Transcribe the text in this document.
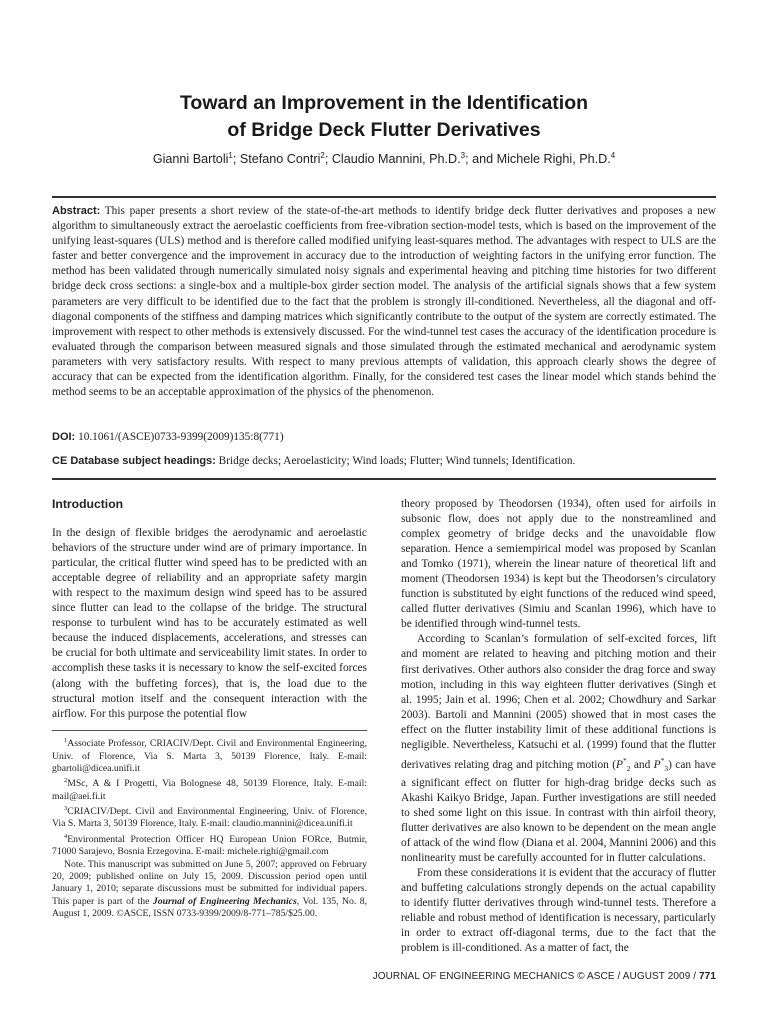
Toward an Improvement in the Identification
of Bridge Deck Flutter Derivatives
Gianni Bartoli$^1$; Stefano Contri$^2$; Claudio Mannini, Ph.D.$^3$; and Michele Righi, Ph.D.$^4$
Abstract: This paper presents a short review of the state-of-the-art methods to identify bridge deck flutter derivatives and proposes a new algorithm to simultaneously extract the aeroelastic coefficients from free-vibration section-model tests, which is based on the improvement of the unifying least-squares (ULS) method and is therefore called modified unifying least-squares method. The advantages with respect to ULS are the faster and better convergence and the improvement in accuracy due to the introduction of weighting factors in the unifying error function. The method has been validated through numerically simulated noisy signals and experimental heaving and pitching time histories for two different bridge deck cross sections: a single-box and a multiple-box girder section model. The analysis of the artificial signals shows that a few system parameters are very difficult to be identified due to the fact that the problem is strongly ill-conditioned. Nevertheless, all the diagonal and off-diagonal components of the stiffness and damping matrices which significantly contribute to the output of the system are correctly estimated. The improvement with respect to other methods is extensively discussed. For the wind-tunnel test cases the accuracy of the identification procedure is evaluated through the comparison between measured signals and those simulated through the estimated mechanical and aerodynamic system parameters with very satisfactory results. With respect to many previous attempts of validation, this approach clearly shows the degree of accuracy that can be expected from the identification algorithm. Finally, for the considered test cases the linear model which stands behind the method seems to be an acceptable approximation of the physics of the phenomenon.
DOI: 10.1061/(ASCE)0733-9399(2009)135:8(771)
CE Database subject headings: Bridge decks; Aeroelasticity; Wind loads; Flutter; Wind tunnels; Identification.
Introduction

In the design of flexible bridges the aerodynamic and aeroelastic behaviors of the structure under wind are of primary importance. In particular, the critical flutter wind speed has to be predicted with an acceptable degree of reliability and an appropriate safety margin with respect to the maximum design wind speed has to be assured since flutter can lead to the collapse of the bridge. The structural response to turbulent wind has to be accurately estimated as well because the induced displacements, accelerations, and stresses can be crucial for both ultimate and serviceability limit states. In order to accomplish these tasks it is necessary to know the self-excited forces (along with the buffeting forces), that is, the load due to the structural motion itself and the consequent interaction with the airflow. For this purpose the potential flow

$^1$Associate Professor, CRIACIV/Dept. Civil and Environmental Engineering, Univ. of Florence, Via S. Marta 3, 50139 Florence, Italy. E-mail: gbartoli@dicea.unifi.it

$^2$MSc, A & I Progetti, Via Bolognese 48, 50139 Florence, Italy. E-mail: mail@aei.fi.it

$^3$CRIACIV/Dept. Civil and Environmental Engineering, Univ. of Florence, Via S. Marta 3, 50139 Florence, Italy. E-mail: claudio.mannini@dicea.unifi.it

$^4$Environmental Protection Officer HQ European Union FORce, Butmir, 71000 Sarajevo, Bosnia Erzegovina. E-mail: michele.righi@gmail.com

Note. This manuscript was submitted on June 5, 2007; approved on February 20, 2009; published online on July 15, 2009. Discussion period open until January 1, 2010; separate discussions must be submitted for individual papers. This paper is part of the Journal of Engineering Mechanics, Vol. 135, No. 8, August 1, 2009. ©ASCE, ISSN 0733-9399/2009/8-771–785/$25.00.

theory proposed by Theodorsen (1934), often used for airfoils in subsonic flow, does not apply due to the nonstreamlined and complex geometry of bridge decks and the unavoidable flow separation. Hence a semiempirical model was proposed by Scanlan and Tomko (1971), wherein the linear nature of theoretical lift and moment (Theodorsen 1934) is kept but the Theodorsen’s circulatory function is substituted by eight functions of the reduced wind speed, called flutter derivatives (Simiu and Scanlan 1996), which have to be identified through wind-tunnel tests.

According to Scanlan’s formulation of self-excited forces, lift and moment are related to heaving and pitching motion and their first derivatives. Other authors also consider the drag force and sway motion, including in this way eighteen flutter derivatives (Singh et al. 1995; Jain et al. 1996; Chen et al. 2002; Chowdhury and Sarkar 2003). Bartoli and Mannini (2005) showed that in most cases the effect on the flutter instability limit of these additional functions is negligible. Nevertheless, Katsuchi et al. (1999) found that the flutter derivatives relating drag and pitching motion ($P^*_2$ and $P^*_3$) can have a significant effect on flutter for high-drag bridge decks such as Akashi Kaikyo Bridge, Japan. Further investigations are still needed to shed some light on this issue. In contrast with thin airfoil theory, flutter derivatives are also known to be dependent on the mean angle of attack of the wind flow (Diana et al. 2004, Mannini 2006) and this nonlinearity must be carefully accounted for in flutter calculations.

From these considerations it is evident that the accuracy of flutter and buffeting calculations strongly depends on the actual capability to identify flutter derivatives through wind-tunnel tests. Therefore a reliable and robust method of identification is necessary, particularly in order to extract off-diagonal terms, due to the fact that the problem is ill-conditioned. As a matter of fact, the

JOURNAL OF ENGINEERING MECHANICS © ASCE / AUGUST 2009 / 771
